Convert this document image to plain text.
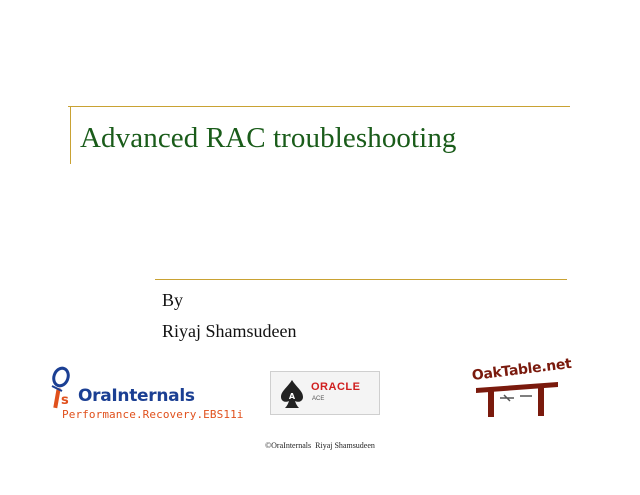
Advanced RAC troubleshooting
By
Riyaj Shamsudeen
s OraInternals
Performance.Recovery.EBS11i
A
ORACLE
ACE
OakTable.net
©OraInternals  Riyaj Shamsudeen
